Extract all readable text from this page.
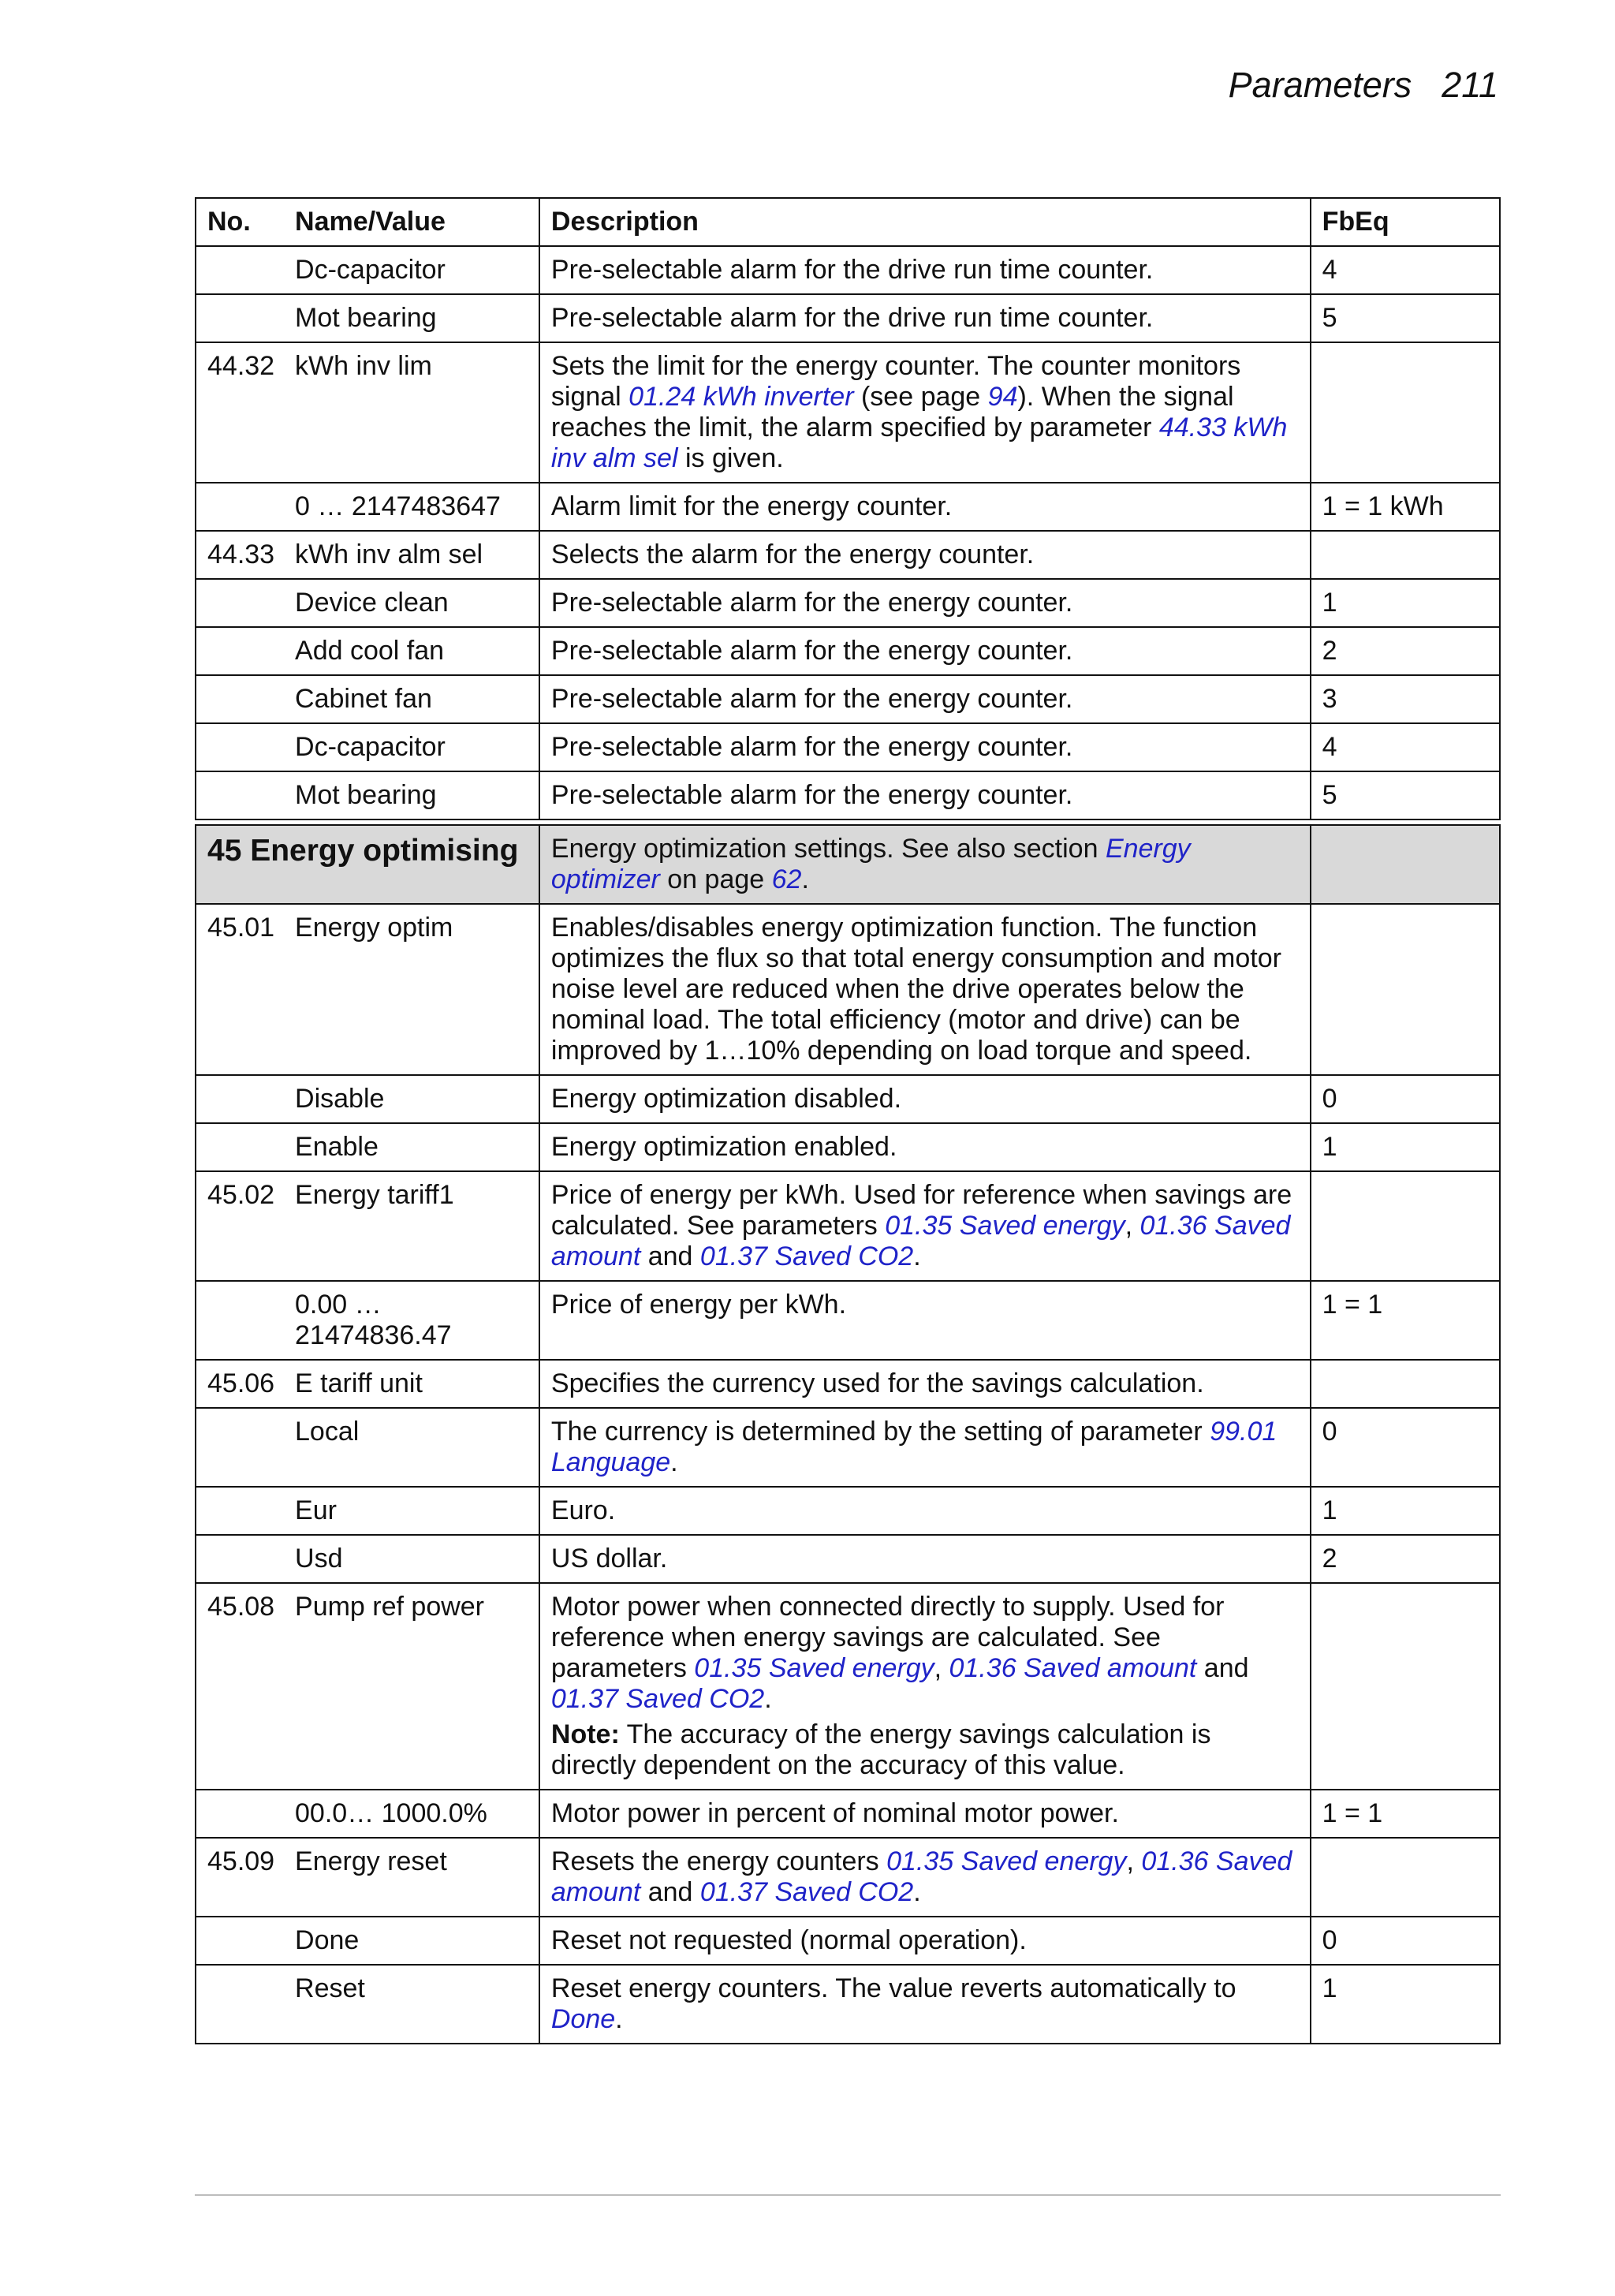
Parameters 211
No.	Name/Value	Description	FbEq
	Dc-capacitor	Pre-selectable alarm for the drive run time counter.	4
	Mot bearing	Pre-selectable alarm for the drive run time counter.	5
44.32	kWh inv lim	Sets the limit for the energy counter. The counter monitors signal 01.24 kWh inverter (see page 94). When the signal reaches the limit, the alarm specified by parameter 44.33 kWh inv alm sel is given.	
	0 … 2147483647	Alarm limit for the energy counter.	1 = 1 kWh
44.33	kWh inv alm sel	Selects the alarm for the energy counter.	
	Device clean	Pre-selectable alarm for the energy counter.	1
	Add cool fan	Pre-selectable alarm for the energy counter.	2
	Cabinet fan	Pre-selectable alarm for the energy counter.	3
	Dc-capacitor	Pre-selectable alarm for the energy counter.	4
	Mot bearing	Pre-selectable alarm for the energy counter.	5
45 Energy optimising		Energy optimization settings. See also section Energy optimizer on page 62.	
45.01	Energy optim	Enables/disables energy optimization function. The function optimizes the flux so that total energy consumption and motor noise level are reduced when the drive operates below the nominal load. The total efficiency (motor and drive) can be improved by 1…10% depending on load torque and speed.	
	Disable	Energy optimization disabled.	0
	Enable	Energy optimization enabled.	1
45.02	Energy tariff1	Price of energy per kWh. Used for reference when savings are calculated. See parameters 01.35 Saved energy, 01.36 Saved amount and 01.37 Saved CO2.	
	0.00 … 21474836.47	Price of energy per kWh.	1 = 1
45.06	E tariff unit	Specifies the currency used for the savings calculation.	
	Local	The currency is determined by the setting of parameter 99.01 Language.	0
	Eur	Euro.	1
	Usd	US dollar.	2
45.08	Pump ref power	Motor power when connected directly to supply. Used for reference when energy savings are calculated. See parameters 01.35 Saved energy, 01.36 Saved amount and 01.37 Saved CO2.
Note: The accuracy of the energy savings calculation is directly dependent on the accuracy of this value.	

	00.0… 1000.0%	Motor power in percent of nominal motor power.	1 = 1
45.09	Energy reset	Resets the energy counters 01.35 Saved energy, 01.36 Saved amount and 01.37 Saved CO2.	
	Done	Reset not requested (normal operation).	0
	Reset	Reset energy counters. The value reverts automatically to Done.	1
